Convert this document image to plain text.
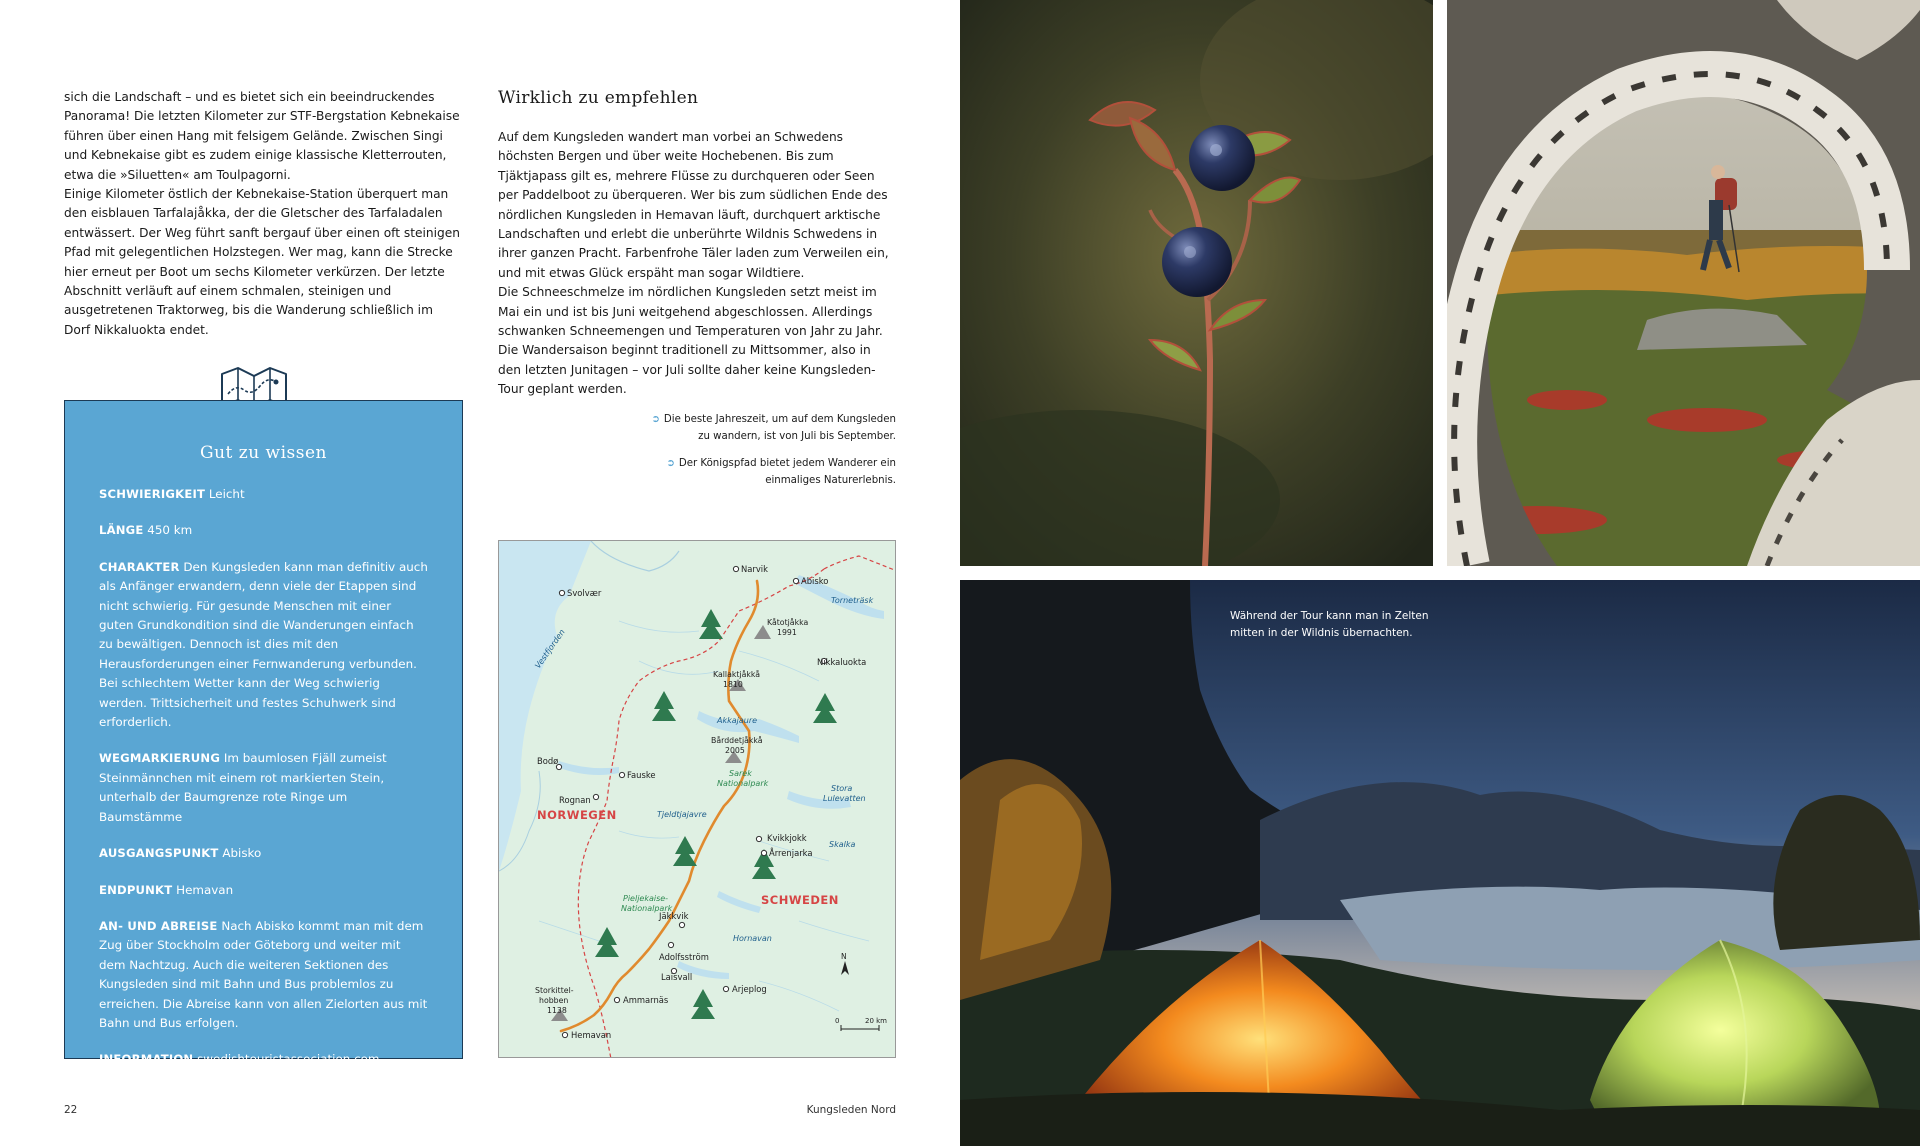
sich die Landschaft – und es bietet sich ein beeindruckendes Panorama! Die letzten Kilometer zur STF-Bergstation Kebnekaise führen über einen Hang mit felsigem Gelände. Zwischen Singi und Kebnekaise gibt es zudem einige klassische Kletterrouten, etwa die »Siluetten« am Toulpagorni.

Einige Kilometer östlich der Kebnekaise-Station überquert man den eisblauen Tarfalajåkka, der die Gletscher des Tarfaladalen entwässert. Der Weg führt sanft bergauf über einen oft steinigen Pfad mit gelegentlichen Holzstegen. Wer mag, kann die Strecke hier erneut per Boot um sechs Kilometer verkürzen. Der letzte Abschnitt verläuft auf einem schmalen, steinigen und ausgetretenen Traktorweg, bis die Wanderung schließlich im Dorf Nikkaluokta endet.

Gut zu wissen
SCHWIERIGKEIT Leicht
LÄNGE 450 km
CHARAKTER Den Kungsleden kann man definitiv auch als Anfänger erwandern, denn viele der Etappen sind nicht schwierig. Für gesunde Menschen mit einer guten Grundkondition sind die Wanderungen einfach zu bewältigen. Dennoch ist dies mit den Herausforderungen einer Fernwanderung verbunden. Bei schlechtem Wetter kann der Weg schwierig werden. Trittsicherheit und festes Schuhwerk sind erforderlich.
WEGMARKIERUNG Im baumlosen Fjäll zumeist Steinmännchen mit einem rot markierten Stein, unterhalb der Baumgrenze rote Ringe um Baumstämme
AUSGANGSPUNKT Abisko
ENDPUNKT Hemavan
AN- UND ABREISE Nach Abisko kommt man mit dem Zug über Stockholm oder Göteborg und weiter mit dem Nachtzug. Auch die weiteren Sektionen des Kungsleden sind mit Bahn und Bus problemlos zu erreichen. Die Abreise kann von allen Zielorten aus mit Bahn und Bus erfolgen.
INFORMATION swedishtouristassociation.com
Wirklich zu empfehlen

Auf dem Kungsleden wandert man vorbei an Schwedens höchsten Bergen und über weite Hochebenen. Bis zum Tjäktjapass gilt es, mehrere Flüsse zu durchqueren oder Seen per Paddelboot zu überqueren. Wer bis zum südlichen Ende des nördlichen Kungsleden in Hemavan läuft, durchquert arktische Landschaften und erlebt die unberührte Wildnis Schwedens in ihrer ganzen Pracht. Farbenfrohe Täler laden zum Verweilen ein, und mit etwas Glück erspäht man sogar Wildtiere.

Die Schneeschmelze im nördlichen Kungsleden setzt meist im Mai ein und ist bis Juni weitgehend abgeschlossen. Allerdings schwanken Schneemengen und Temperaturen von Jahr zu Jahr. Die Wandersaison beginnt traditionell zu Mittsommer, also in den letzten Junitagen – vor Juli sollte daher keine Kungsleden-Tour geplant werden.

➲ Die beste Jahreszeit, um auf dem Kungsleden zu wandern, ist von Juli bis September.
➲ Der Königspfad bietet jedem Wanderer ein einmaliges Naturerlebnis.
Narvik
Abisko
Svolvær
Kåtotjåkka
1991
Nikkaluokta
Kallaktjåkkå
1810
Bårddetjåkkå
2005
Bodø
Fauske
Rognan
Kvikkjokk
Årrenjarka
Jäkkvik
Adolfsström
Laisvall
Arjeplog
Ammarnäs
Hemavan
Storkittel-
hobben
1138
Torneträsk
Vestfjorden
Akkajaure
Stora
Lulevatten
Tjeldtjajavre
Skalka
Hornavan
Sarek
Nationalpark
Pieljekaise-
Nationalpark
NORWEGEN
SCHWEDEN
N
0	20 km
22	Kungsleden Nord
Während der Tour kann man in Zelten mitten in der Wildnis übernachten.
